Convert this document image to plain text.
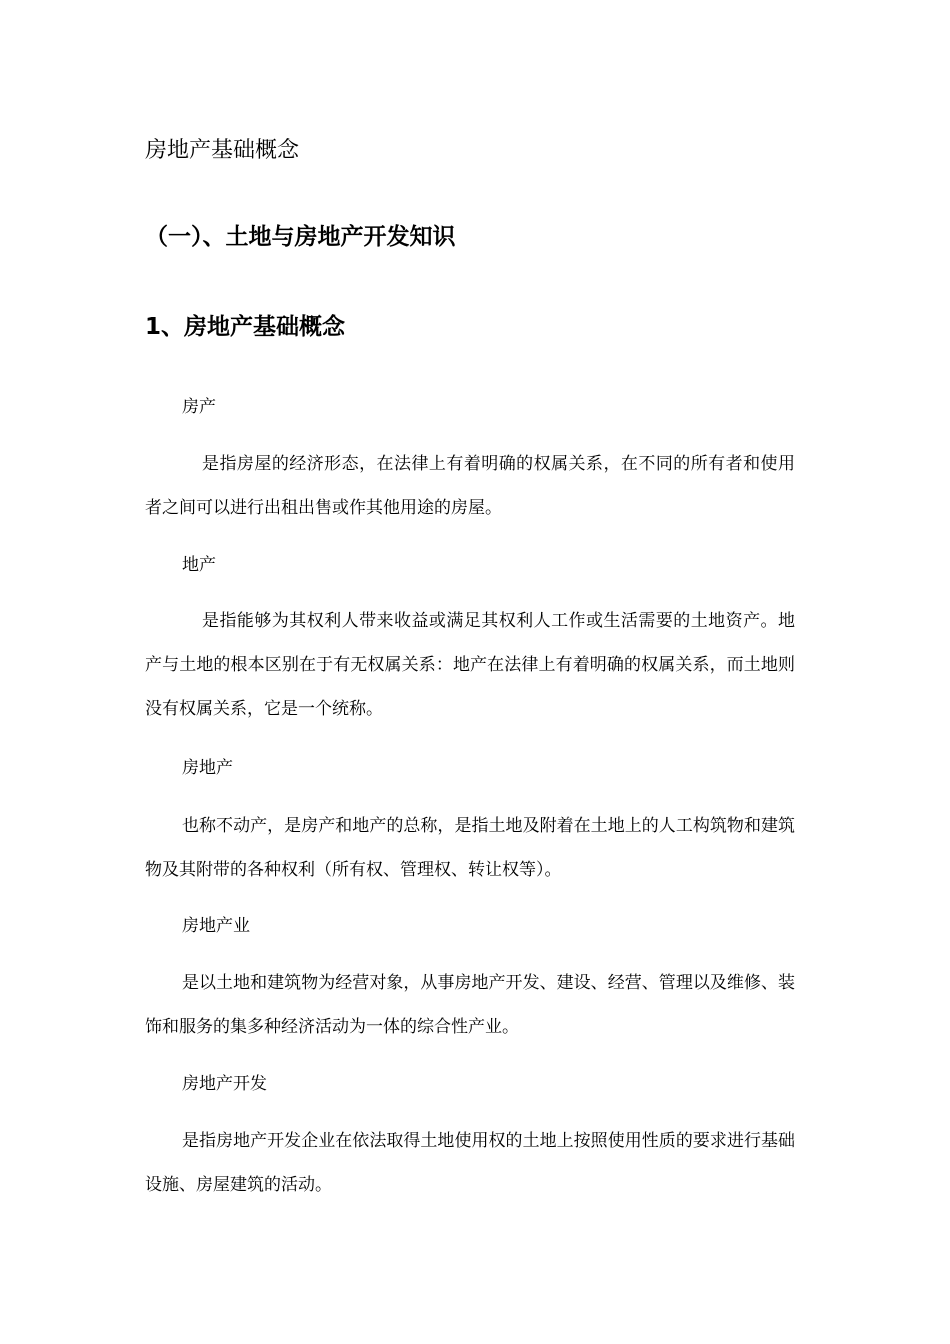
房地产基础概念
（一）、土地与房地产开发知识
1、房地产基础概念
房产
是指房屋的经济形态，在法律上有着明确的权属关系，在不同的所有者和使用者之间可以进行出租出售或作其他用途的房屋。
地产
是指能够为其权利人带来收益或满足其权利人工作或生活需要的土地资产。地产与土地的根本区别在于有无权属关系：地产在法律上有着明确的权属关系，而土地则没有权属关系，它是一个统称。
房地产
也称不动产，是房产和地产的总称，是指土地及附着在土地上的人工构筑物和建筑物及其附带的各种权利（所有权、管理权、转让权等）。
房地产业
是以土地和建筑物为经营对象，从事房地产开发、建设、经营、管理以及维修、装饰和服务的集多种经济活动为一体的综合性产业。
房地产开发
是指房地产开发企业在依法取得土地使用权的土地上按照使用性质的要求进行基础设施、房屋建筑的活动。
